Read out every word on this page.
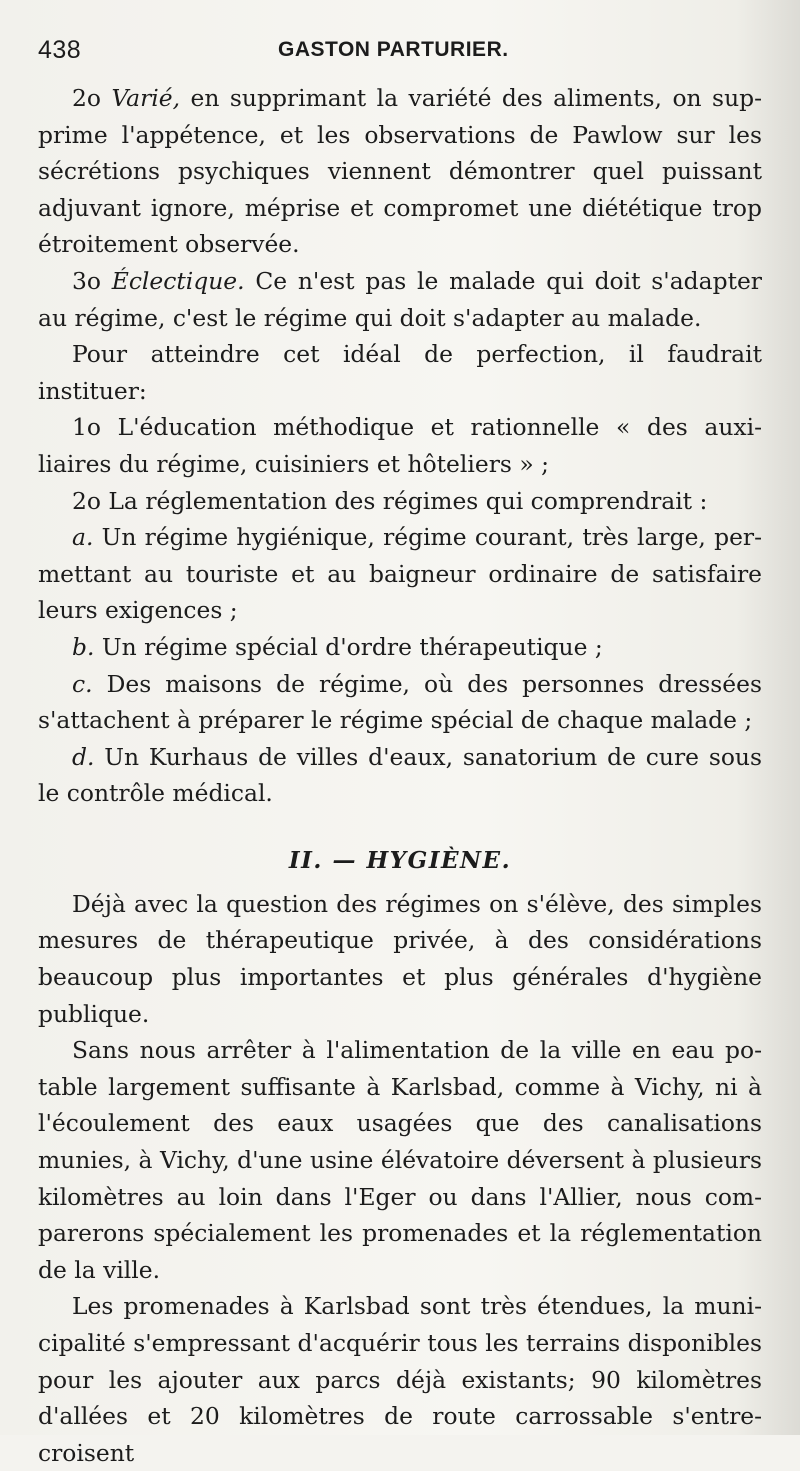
438	GASTON PARTURIER.

2o Varié, en supprimant la variété des aliments, on sup- prime l'appétence, et les observations de Pawlow sur les sécrétions psychiques viennent démontrer quel puissant adjuvant ignore, méprise et compromet une diététique trop étroitement observée.

3o Éclectique. Ce n'est pas le malade qui doit s'adapter au régime, c'est le régime qui doit s'adapter au malade.

Pour atteindre cet idéal de perfection, il faudrait instituer:

1o L'éducation méthodique et rationnelle « des auxi- liaires du régime, cuisiniers et hôteliers » ;

2o La réglementation des régimes qui comprendrait :

a. Un régime hygiénique, régime courant, très large, per- mettant au touriste et au baigneur ordinaire de satisfaire leurs exigences ;

b. Un régime spécial d'ordre thérapeutique ;

c. Des maisons de régime, où des personnes dressées s'attachent à préparer le régime spécial de chaque malade ;

d. Un Kurhaus de villes d'eaux, sanatorium de cure sous le contrôle médical.

II. — HYGIÈNE.

Déjà avec la question des régimes on s'élève, des simples mesures de thérapeutique privée, à des considérations beaucoup plus importantes et plus générales d'hygiène publique.

Sans nous arrêter à l'alimentation de la ville en eau po- table largement suffisante à Karlsbad, comme à Vichy, ni à l'écoulement des eaux usagées que des canalisations munies, à Vichy, d'une usine élévatoire déversent à plusieurs kilomètres au loin dans l'Eger ou dans l'Allier, nous com- parerons spécialement les promenades et la réglementation de la ville.

Les promenades à Karlsbad sont très étendues, la muni- cipalité s'empressant d'acquérir tous les terrains disponibles pour les ajouter aux parcs déjà existants; 90 kilomètres d'allées et 20 kilomètres de route carrossable s'entre-croisent
